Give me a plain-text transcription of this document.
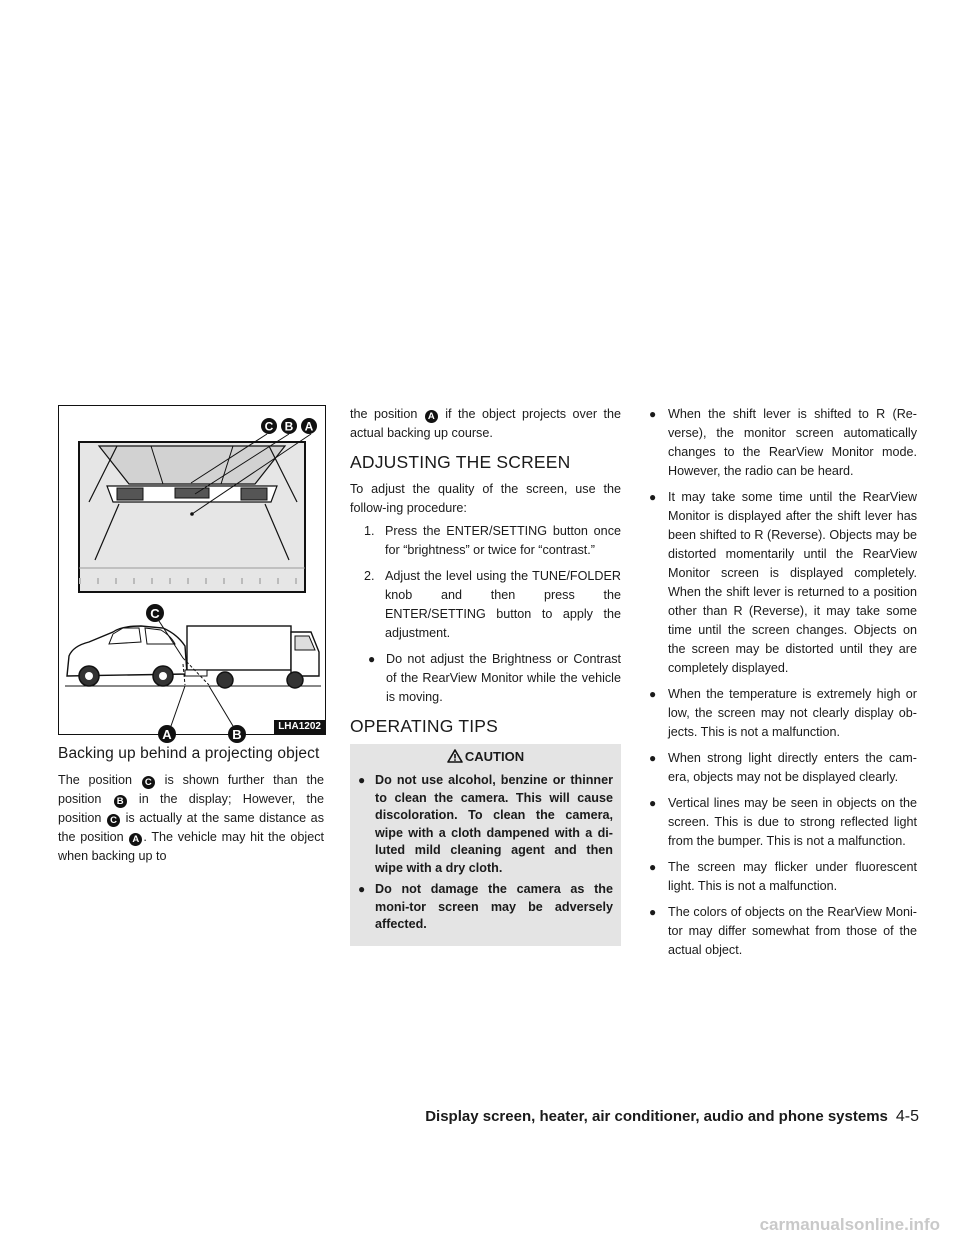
C B A
C
A	B
LHA1202
Backing up behind a projecting object

The position C is shown further than the position B in the display; However, the position C is actually at the same distance as the position A . The vehicle may hit the object when backing up to

the position A if the object projects over the actual backing up course.

ADJUSTING THE SCREEN

To adjust the quality of the screen, use the follow-ing procedure:

1. Press the ENTER/SETTING button once for “brightness” or twice for “contrast.”
2. Adjust the level using the TUNE/FOLDER knob and then press the ENTER/SETTING button to apply the adjustment.
● Do not adjust the Brightness or Contrast of the RearView Monitor while the vehicle is moving.
OPERATING TIPS
CAUTION
● Do not use alcohol, benzine or thinner to clean the camera. This will cause discoloration. To clean the camera, wipe with a cloth dampened with a di-luted mild cleaning agent and then wipe with a dry cloth.
● Do not damage the camera as the moni-tor screen may be adversely affected.
● When the shift lever is shifted to R (Re-verse), the monitor screen automatically changes to the RearView Monitor mode. However, the radio can be heard.
● It may take some time until the RearView Monitor is displayed after the shift lever has been shifted to R (Reverse). Objects may be distorted momentarily until the RearView Monitor screen is displayed completely. When the shift lever is returned to a position other than R (Reverse), it may take some time until the screen changes. Objects on the screen may be distorted until they are completely displayed.
● When the temperature is extremely high or low, the screen may not clearly display ob-jects. This is not a malfunction.
● When strong light directly enters the cam-era, objects may not be displayed clearly.
● Vertical lines may be seen in objects on the screen. This is due to strong reflected light from the bumper. This is not a malfunction.
● The screen may flicker under fluorescent light. This is not a malfunction.
● The colors of objects on the RearView Moni-tor may differ somewhat from those of the actual object.
Display screen, heater, air conditioner, audio and phone systems 4-5
carmanualsonline.info
